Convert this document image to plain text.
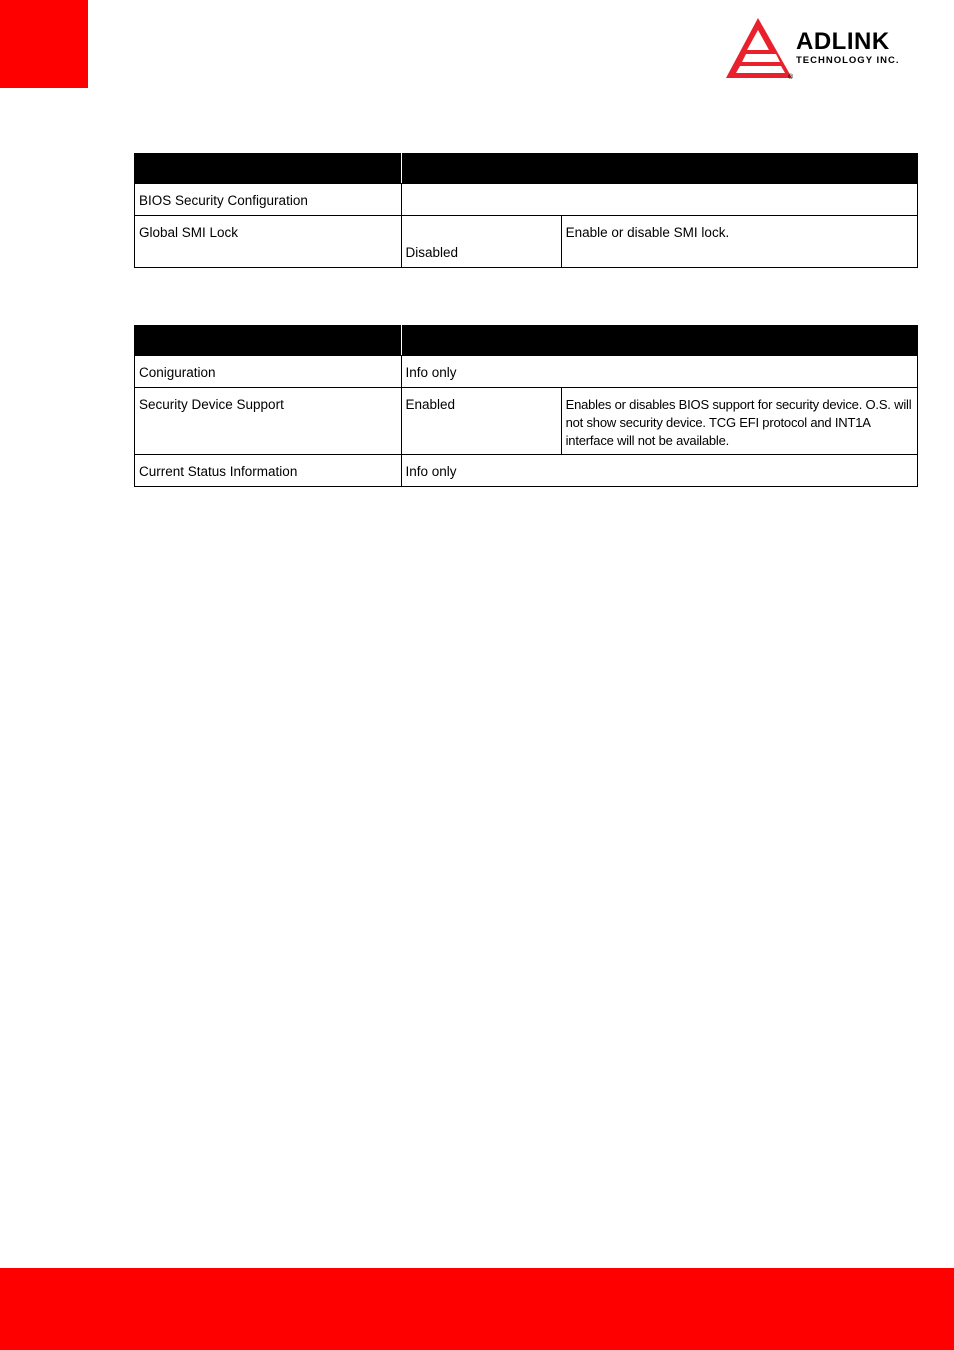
ADLINK
TECHNOLOGY INC.
®

BIOS Security Configuration		
Global SMI Lock	Disabled	Enable or disable SMI lock.

Coniguration	Info only	
Security Device Support	Enabled	Enables or disables BIOS support for security device. O.S. will not show security device. TCG EFI protocol and INT1A interface will not be available.
Current Status Information	Info only	
